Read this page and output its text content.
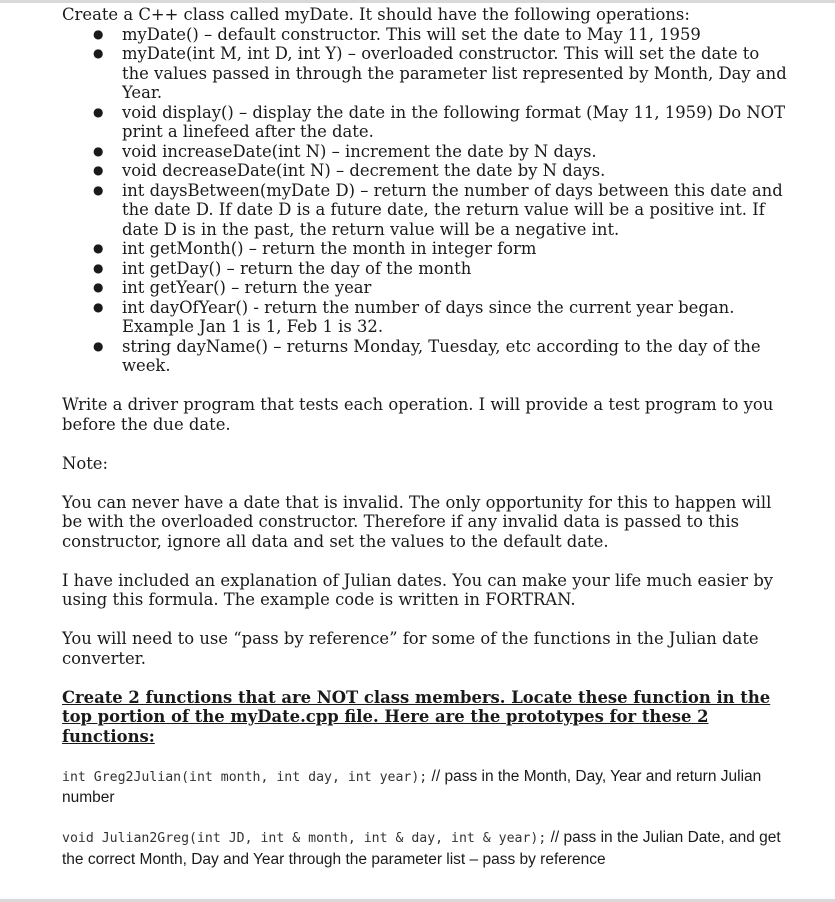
Create a C++ class called myDate. It should have the following operations:

● myDate() – default constructor. This will set the date to May 11, 1959
● myDate(int M, int D, int Y) – overloaded constructor. This will set the date to the values passed in through the parameter list represented by Month, Day and Year.
● void display() – display the date in the following format (May 11, 1959) Do NOT print a linefeed after the date.
● void increaseDate(int N) – increment the date by N days.
● void decreaseDate(int N) – decrement the date by N days.
● int daysBetween(myDate D) – return the number of days between this date and the date D. If date D is a future date, the return value will be a positive int. If date D is in the past, the return value will be a negative int.
● int getMonth() – return the month in integer form
● int getDay() – return the day of the month
● int getYear() – return the year
● int dayOfYear() - return the number of days since the current year began. Example Jan 1 is 1, Feb 1 is 32.
● string dayName() – returns Monday, Tuesday, etc according to the day of the week.

Write a driver program that tests each operation. I will provide a test program to you before the due date.

Note:

You can never have a date that is invalid. The only opportunity for this to happen will be with the overloaded constructor. Therefore if any invalid data is passed to this constructor, ignore all data and set the values to the default date.

I have included an explanation of Julian dates. You can make your life much easier by using this formula. The example code is written in FORTRAN.

You will need to use “pass by reference” for some of the functions in the Julian date converter.

Create 2 functions that are NOT class members. Locate these function in the top portion of the myDate.cpp file. Here are the prototypes for these 2 functions:

int Greg2Julian(int month, int day, int year); // pass in the Month, Day, Year and return Julian number

void Julian2Greg(int JD, int & month, int & day, int & year); // pass in the Julian Date, and get the correct Month, Day and Year through the parameter list – pass by reference
